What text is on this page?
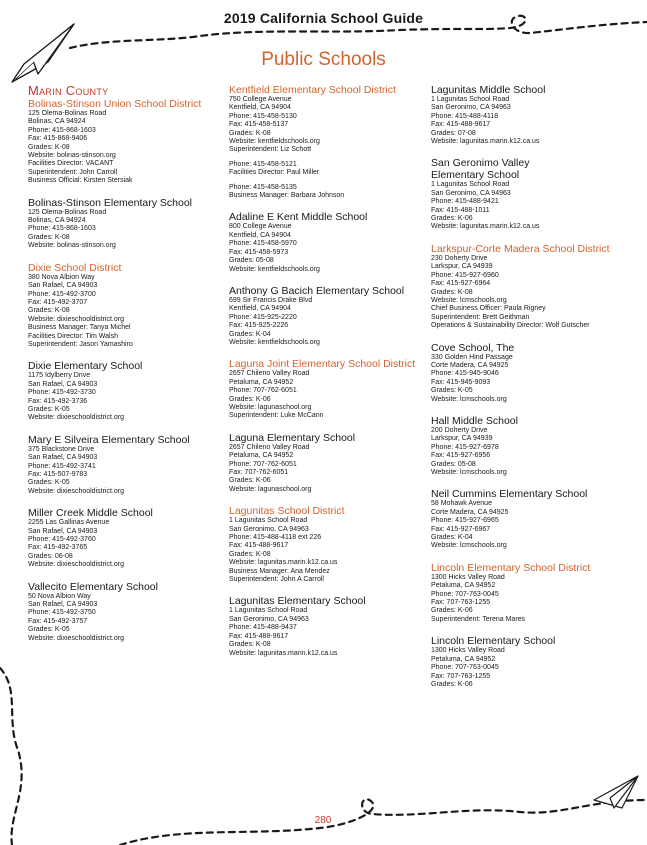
2019 California School Guide
Public Schools
Marin County
Bolinas-Stinson Union School District
125 Olema-Bolinas Road
Bolinas, CA 94924
Phone: 415-868-1603
Fax: 415-868-9406
Grades: K-08
Website: bolinas-stinson.org
Facilities Director: VACANT
Superintendent: John Carroll
Business Official: Kirsten Stersiak
Bolinas-Stinson Elementary School
125 Olema-Bolinas Road
Bolinas, CA 94924
Phone: 415-868-1603
Grades: K-08
Website: bolinas-stinson.org
Dixie School District
380 Nova Albion Way
San Rafael, CA 94903
Phone: 415-492-3700
Fax: 415-492-3707
Grades: K-08
Website: dixieschooldistrict.org
Business Manager: Tanya Michel
Facilities Director: Tim Walsh
Superintendent: Jason Yamashiro
Dixie Elementary School
1175 Idylberry Drive
San Rafael, CA 94903
Phone: 415-492-3730
Fax: 415-492-3736
Grades: K-05
Website: dixieschooldistrict.org
Mary E Silveira Elementary School
375 Blackstone Drive
San Rafael, CA 94903
Phone: 415-492-3741
Fax: 415-507-9783
Grades: K-05
Website: dixieschooldistrict.org
Miller Creek Middle School
2255 Las Gallinas Avenue
San Rafael, CA 94903
Phone: 415-492-3760
Fax: 415-492-3765
Grades: 06-08
Website: dixieschooldistrict.org
Vallecito Elementary School
50 Nova Albion Way
San Rafael, CA 94903
Phone: 415-492-3750
Fax: 415-492-3757
Grades: K-05
Website: dixieschooldistrict.org
Kentfield Elementary School District
750 College Avenue
Kentfield, CA 94904
Phone: 415-458-5130
Fax: 415-458-5137
Grades: K-08
Website: kentfieldschools.org
Superintendent: Liz Schott
Phone: 415-458-5121
Facilities Director: Paul Miller
Phone: 415-458-5135
Business Manager: Barbara Johnson
Adaline E Kent Middle School
800 College Avenue
Kentfield, CA 94904
Phone: 415-458-5970
Fax: 415-458-5973
Grades: 05-08
Website: kentfieldschools.org
Anthony G Bacich Elementary School
699 Sir Francis Drake Blvd
Kentfield, CA 94904
Phone: 415-925-2220
Fax: 415-925-2226
Grades: K-04
Website: kentfieldschools.org
Laguna Joint Elementary School District
2657 Chileno Valley Road
Petaluma, CA 94952
Phone: 707-762-6051
Grades: K-06
Website: lagunaschool.org
Superintendent: Luke McCann
Laguna Elementary School
2657 Chileno Valley Road
Petaluma, CA 94952
Phone: 707-762-6051
Fax: 707-762-6051
Grades: K-06
Website: lagunaschool.org
Lagunitas School District
1 Lagunitas School Road
San Geronimo, CA 94963
Phone: 415-488-4118 ext 226
Fax: 415-488-9617
Grades: K-08
Website: lagunitas.marin.k12.ca.us
Business Manager: Ana Mendez
Superintendent: John A Carroll
Lagunitas Elementary School
1 Lagunitas School Road
San Geronimo, CA 94963
Phone: 415-488-9437
Fax: 415-488-9617
Grades: K-08
Website: lagunitas.marin.k12.ca.us
Lagunitas Middle School
1 Lagunitas School Road
San Geronimo, CA 94963
Phone: 415-488-4118
Fax: 415-488-9617
Grades: 07-08
Website: lagunitas.marin.k12.ca.us
San Geronimo Valley
Elementary School
1 Lagunitas School Road
San Geronimo, CA 94963
Phone: 415-488-9421
Fax: 415-488-1011
Grades: K-06
Website: lagunitas.marin.k12.ca.us
Larkspur-Corte Madera School District
230 Doherty Drive
Larkspur, CA 94939
Phone: 415-927-6960
Fax: 415-927-6964
Grades: K-08
Website: lcmschools.org
Chief Business Officer: Paula Rigney
Superintendent: Brett Geithman
Operations & Sustainability Director: Wolf Gutscher
Cove School, The
330 Golden Hind Passage
Corte Madera, CA 94925
Phone: 415-945-9046
Fax: 415-945-9093
Grades: K-05
Website: lcmschools.org
Hall Middle School
200 Doherty Drive
Larkspur, CA 94939
Phone: 415-927-6978
Fax: 415-927-6956
Grades: 05-08
Website: lcmschools.org
Neil Cummins Elementary School
58 Mohawk Avenue
Corte Madera, CA 94925
Phone: 415-927-6965
Fax: 415-927-6967
Grades: K-04
Website: lcmschools.org
Lincoln Elementary School District
1300 Hicks Valley Road
Petaluma, CA 94952
Phone: 707-763-0045
Fax: 707-763-1255
Grades: K-06
Superintendent: Terena Mares
Lincoln Elementary School
1300 Hicks Valley Road
Petaluma, CA 94952
Phone: 707-763-0045
Fax: 707-763-1255
Grades: K-06
280
